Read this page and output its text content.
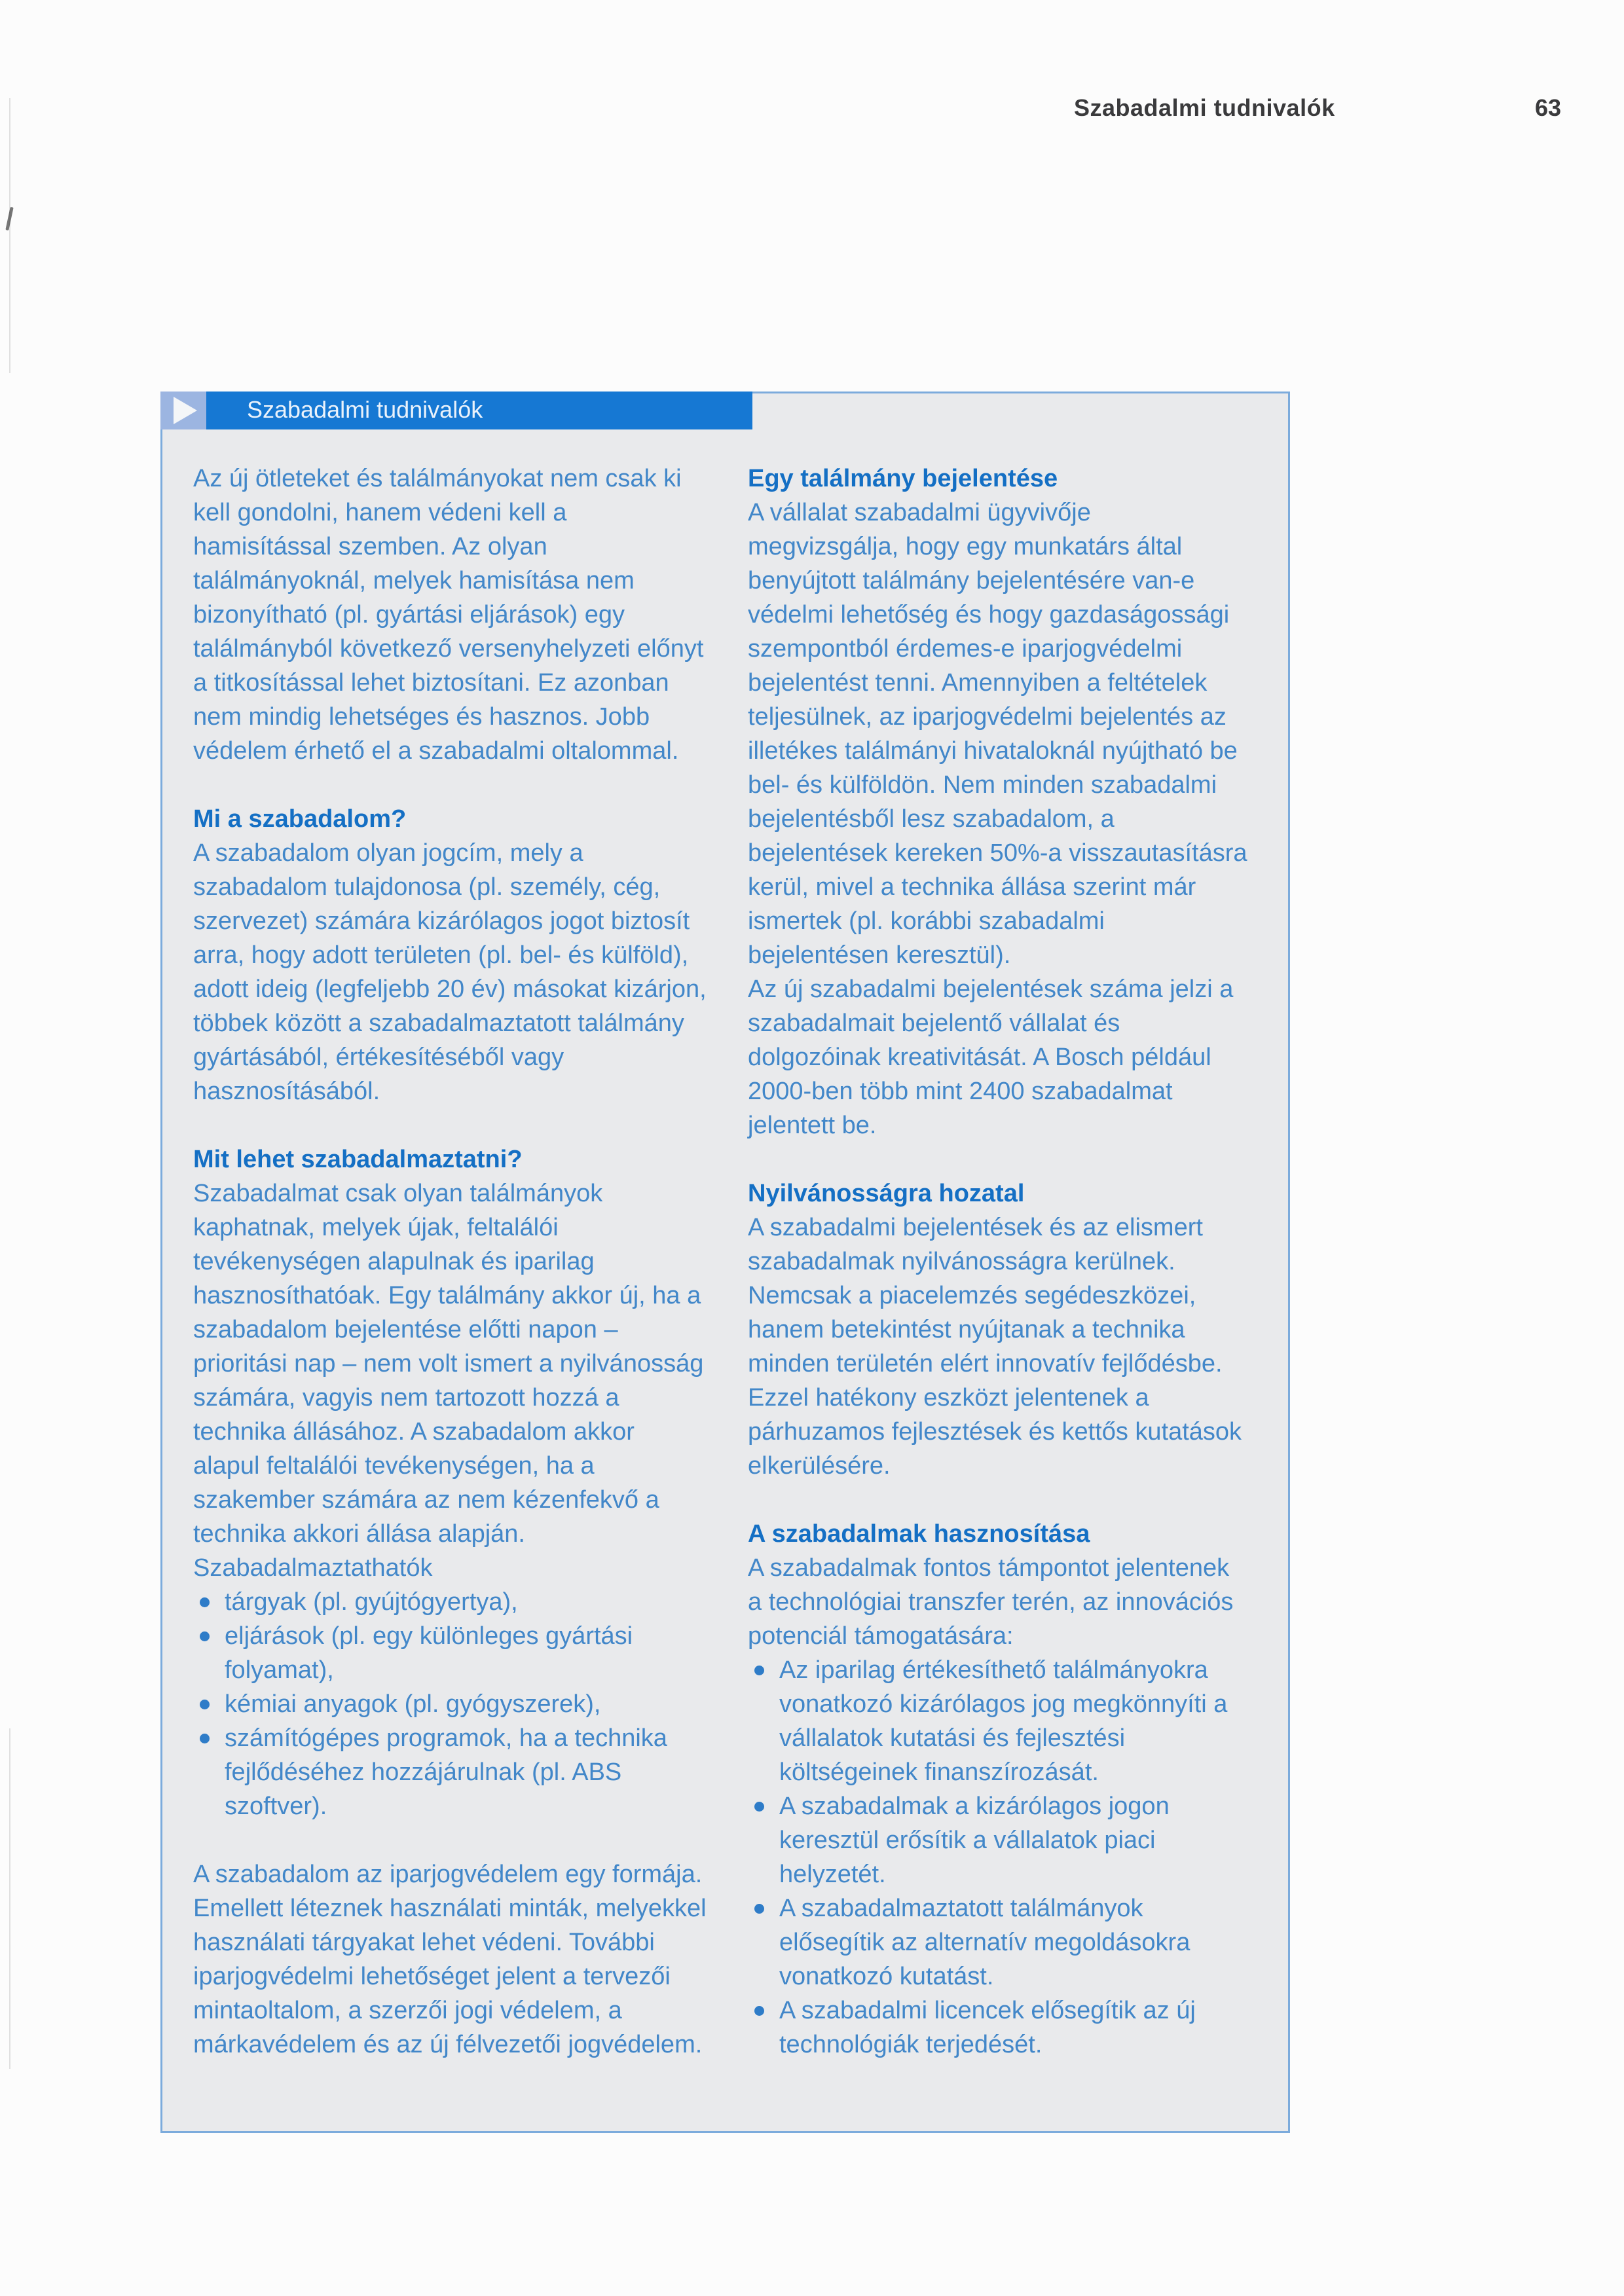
Szabadalmi tudnivalók	63
Szabadalmi tudnivalók

Az új ötleteket és találmányokat nem csak ki kell gondolni, hanem védeni kell a hamisítással szemben. Az olyan találmányoknál, melyek hamisítása nem bizonyítható (pl. gyártási eljárások) egy találmányból következő versenyhelyzeti előnyt a titkosítással lehet biztosítani. Ez azonban nem mindig lehetséges és hasznos. Jobb védelem érhető el a szabadalmi oltalommal.

Mi a szabadalom?

A szabadalom olyan jogcím, mely a szabadalom tulajdonosa (pl. személy, cég, szervezet) számára kizárólagos jogot biztosít arra, hogy adott területen (pl. bel- és külföld), adott ideig (legfeljebb 20 év) másokat kizárjon, többek között a szabadalmaztatott találmány gyártásából, értékesítéséből vagy hasznosításából.

Mit lehet szabadalmaztatni?

Szabadalmat csak olyan találmányok kaphatnak, melyek újak, feltalálói tevékenységen alapulnak és iparilag hasznosíthatóak. Egy találmány akkor új, ha a szabadalom bejelentése előtti napon – prioritási nap – nem volt ismert a nyilvánosság számára, vagyis nem tartozott hozzá a technika állásához. A szabadalom akkor alapul feltalálói tevékenységen, ha a szakember számára az nem kézenfekvő a technika akkori állása alapján.

Szabadalmaztathatók

tárgyak (pl. gyújtógyertya),
eljárások (pl. egy különleges gyártási folyamat),
kémiai anyagok (pl. gyógyszerek),
számítógépes programok, ha a technika fejlődéséhez hozzájárulnak (pl. ABS szoftver).

A szabadalom az iparjogvédelem egy formája. Emellett léteznek használati minták, melyekkel használati tárgyakat lehet védeni. További iparjogvédelmi lehetőséget jelent a tervezői mintaoltalom, a szerzői jogi védelem, a márkavédelem és az új félvezetői jogvédelem.

Egy találmány bejelentése

A vállalat szabadalmi ügyvivője megvizsgálja, hogy egy munkatárs által benyújtott találmány bejelentésére van-e védelmi lehetőség és hogy gazdaságossági szempontból érdemes-e iparjogvédelmi bejelentést tenni. Amennyiben a feltételek teljesülnek, az iparjogvédelmi bejelentés az illetékes találmányi hivataloknál nyújtható be bel- és külföldön. Nem minden szabadalmi bejelentésből lesz szabadalom, a bejelentések kereken 50%-a visszautasításra kerül, mivel a technika állása szerint már ismertek (pl. korábbi szabadalmi bejelentésen keresztül).

Az új szabadalmi bejelentések száma jelzi a szabadalmait bejelentő vállalat és dolgozóinak kreativitását. A Bosch például 2000-ben több mint 2400 szabadalmat jelentett be.

Nyilvánosságra hozatal

A szabadalmi bejelentések és az elismert szabadalmak nyilvánosságra kerülnek. Nemcsak a piacelemzés segédeszközei, hanem betekintést nyújtanak a technika minden területén elért innovatív fejlődésbe. Ezzel hatékony eszközt jelentenek a párhuzamos fejlesztések és kettős kutatások elkerülésére.

A szabadalmak hasznosítása

A szabadalmak fontos támpontot jelentenek a technológiai transzfer terén, az innovációs potenciál támogatására:

Az iparilag értékesíthető találmányokra vonatkozó kizárólagos jog megkönnyíti a vállalatok kutatási és fejlesztési költségeinek finanszírozását.
A szabadalmak a kizárólagos jogon keresztül erősítik a vállalatok piaci helyzetét.
A szabadalmaztatott találmányok elősegítik az alternatív megoldásokra vonatkozó kutatást.
A szabadalmi licencek elősegítik az új technológiák terjedését.
